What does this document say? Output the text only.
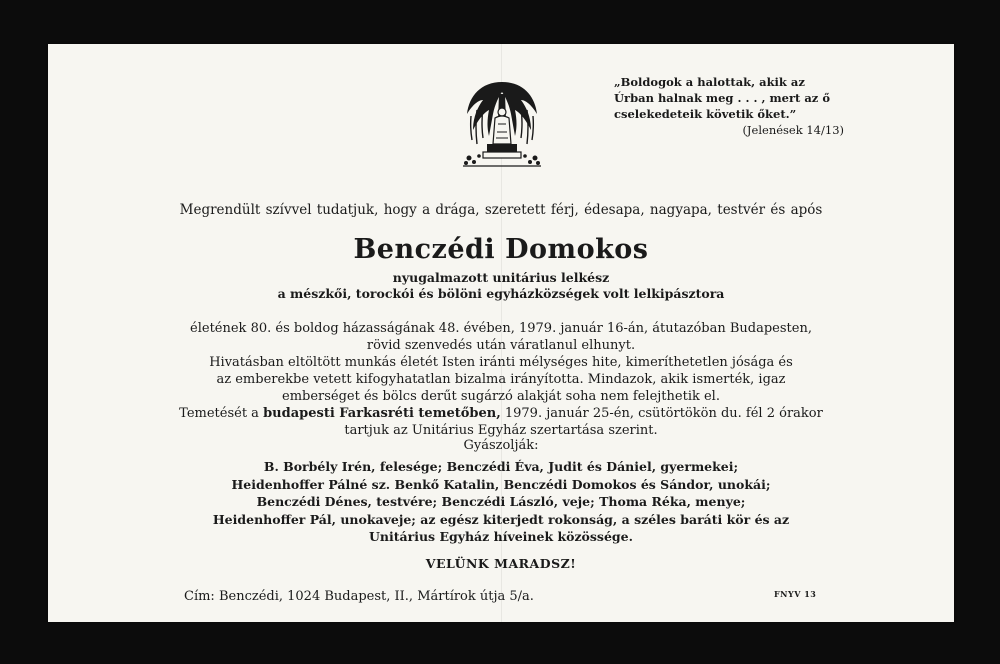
„Boldogok a halottak, akik az
Úrban halnak meg . . . , mert az ő
cselekedeteik követik őket.”
(Jelenések 14/13)
Megrendült szívvel tudatjuk, hogy a drága, szeretett férj, édesapa, nagyapa, testvér és após
Benczédi Domokos
nyugalmazott unitárius lelkész
a mészkői, torockói és bölöni egyházközségek volt lelkipásztora
életének 80. és boldog házasságának 48. évében, 1979. január 16-án, átutazóban Budapesten,
rövid szenvedés után váratlanul elhunyt.
Hivatásban eltöltött munkás életét Isten iránti mélységes hite, kimeríthetetlen jósága és
az emberekbe vetett kifogyhatatlan bizalma irányította. Mindazok, akik ismerték, igaz
emberséget és bölcs derűt sugárzó alakját soha nem felejthetik el.
Temetését a budapesti Farkasréti temetőben, 1979. január 25-én, csütörtökön du. fél 2 órakor
tartjuk az Unitárius Egyház szertartása szerint.
Gyászolják:
B. Borbély Irén, felesége; Benczédi Éva, Judit és Dániel, gyermekei;
Heidenhoffer Pálné sz. Benkő Katalin, Benczédi Domokos és Sándor, unokái;
Benczédi Dénes, testvére; Benczédi László, veje; Thoma Réka, menye;
Heidenhoffer Pál, unokaveje; az egész kiterjedt rokonság, a széles baráti kör és az
Unitárius Egyház híveinek közössége.
VELÜNK MARADSZ!
Cím: Benczédi, 1024 Budapest, II., Mártírok útja 5/a.	FNYV 13
